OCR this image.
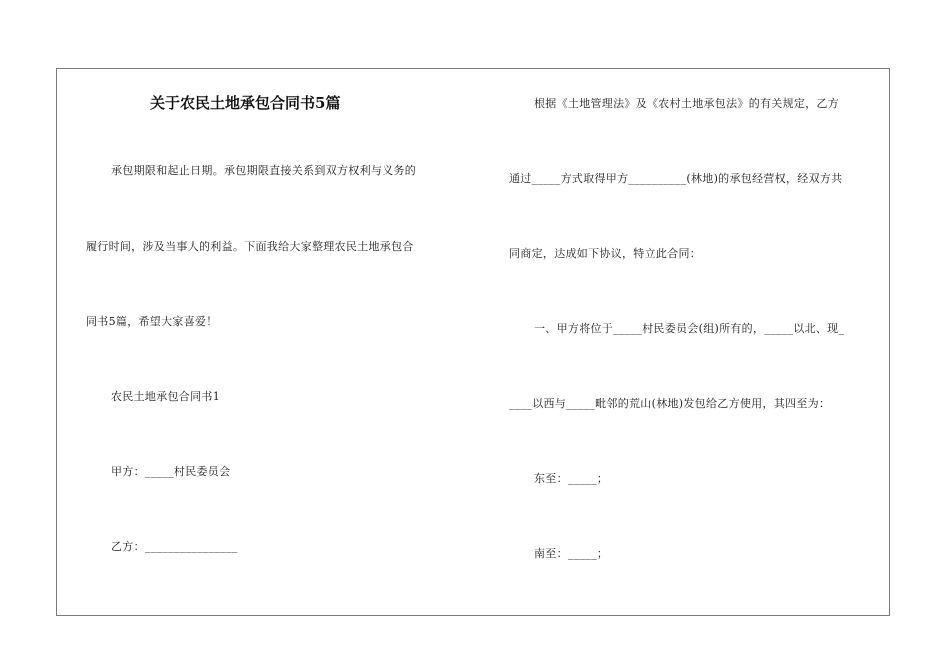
关于农民土地承包合同书5篇
承包期限和起止日期。承包期限直接关系到双方权利与义务的
履行时间，涉及当事人的利益。下面我给大家整理农民土地承包合
同书5篇，希望大家喜爱！
农民土地承包合同书1
甲方：_____村民委员会
乙方：________________
根据《土地管理法》及《农村土地承包法》的有关规定，乙方
通过_____方式取得甲方__________(林地)的承包经营权，经双方共
同商定，达成如下协议，特立此合同：
一、甲方将位于_____村民委员会(组)所有的，_____以北、现_
____以西与_____毗邻的荒山(林地)发包给乙方使用，其四至为：
东至：_____；
南至：_____；
